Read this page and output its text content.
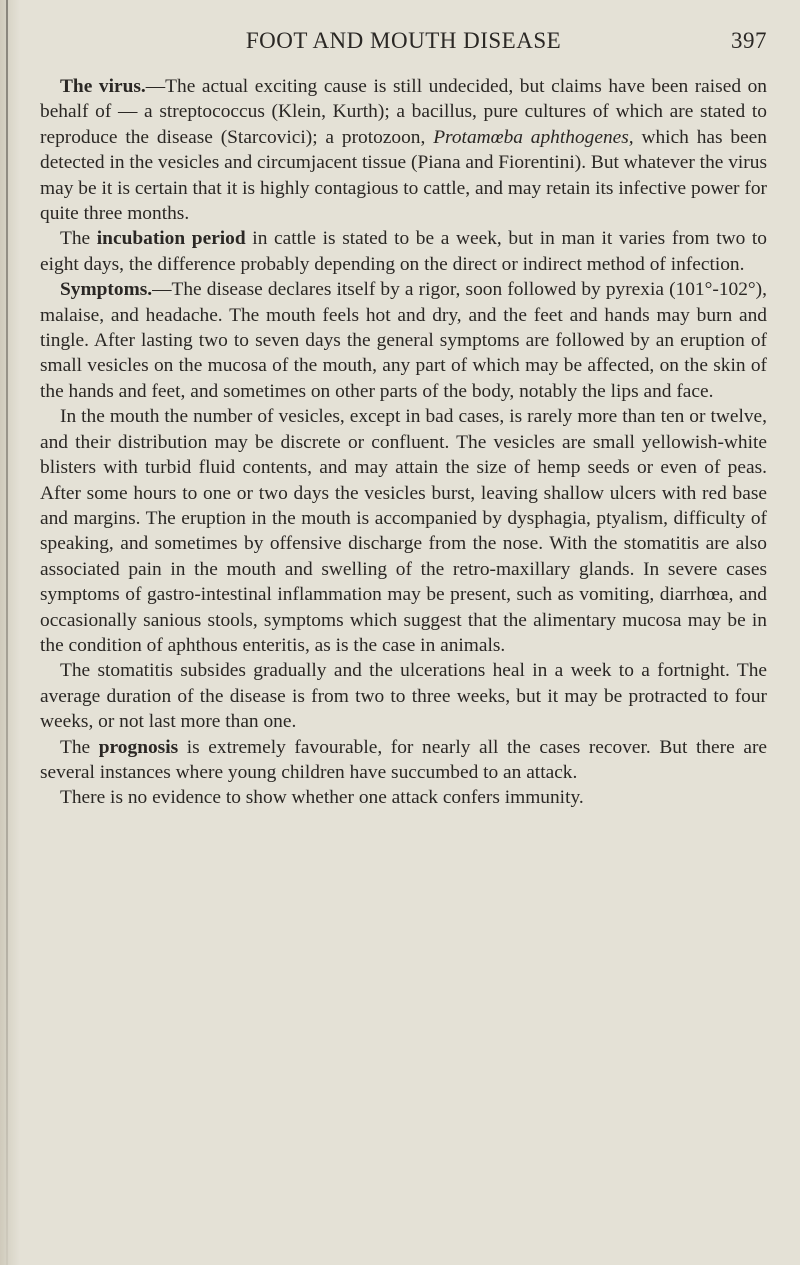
FOOT AND MOUTH DISEASE	397

The virus.—The actual exciting cause is still undecided, but claims have been raised on behalf of — a streptococcus (Klein, Kurth); a bacillus, pure cultures of which are stated to reproduce the disease (Starcovici); a protozoon, Protamœba aphthogenes, which has been detected in the vesicles and circumjacent tissue (Piana and Fiorentini). But whatever the virus may be it is certain that it is highly contagious to cattle, and may retain its infective power for quite three months.

The incubation period in cattle is stated to be a week, but in man it varies from two to eight days, the difference probably depending on the direct or indirect method of infection.

Symptoms.—The disease declares itself by a rigor, soon followed by pyrexia (101°-102°), malaise, and headache. The mouth feels hot and dry, and the feet and hands may burn and tingle. After lasting two to seven days the general symptoms are followed by an eruption of small vesicles on the mucosa of the mouth, any part of which may be affected, on the skin of the hands and feet, and sometimes on other parts of the body, notably the lips and face.

In the mouth the number of vesicles, except in bad cases, is rarely more than ten or twelve, and their distribution may be discrete or confluent. The vesicles are small yellowish-white blisters with turbid fluid contents, and may attain the size of hemp seeds or even of peas. After some hours to one or two days the vesicles burst, leaving shallow ulcers with red base and margins. The eruption in the mouth is accompanied by dysphagia, ptyalism, difficulty of speaking, and sometimes by offensive discharge from the nose. With the stomatitis are also associated pain in the mouth and swelling of the retro-maxillary glands. In severe cases symptoms of gastro-intestinal inflammation may be present, such as vomiting, diarrhœa, and occasionally sanious stools, symptoms which suggest that the alimentary mucosa may be in the condition of aphthous enteritis, as is the case in animals.

The stomatitis subsides gradually and the ulcerations heal in a week to a fortnight. The average duration of the disease is from two to three weeks, but it may be protracted to four weeks, or not last more than one.

The prognosis is extremely favourable, for nearly all the cases recover. But there are several instances where young children have succumbed to an attack.

There is no evidence to show whether one attack confers immunity.
